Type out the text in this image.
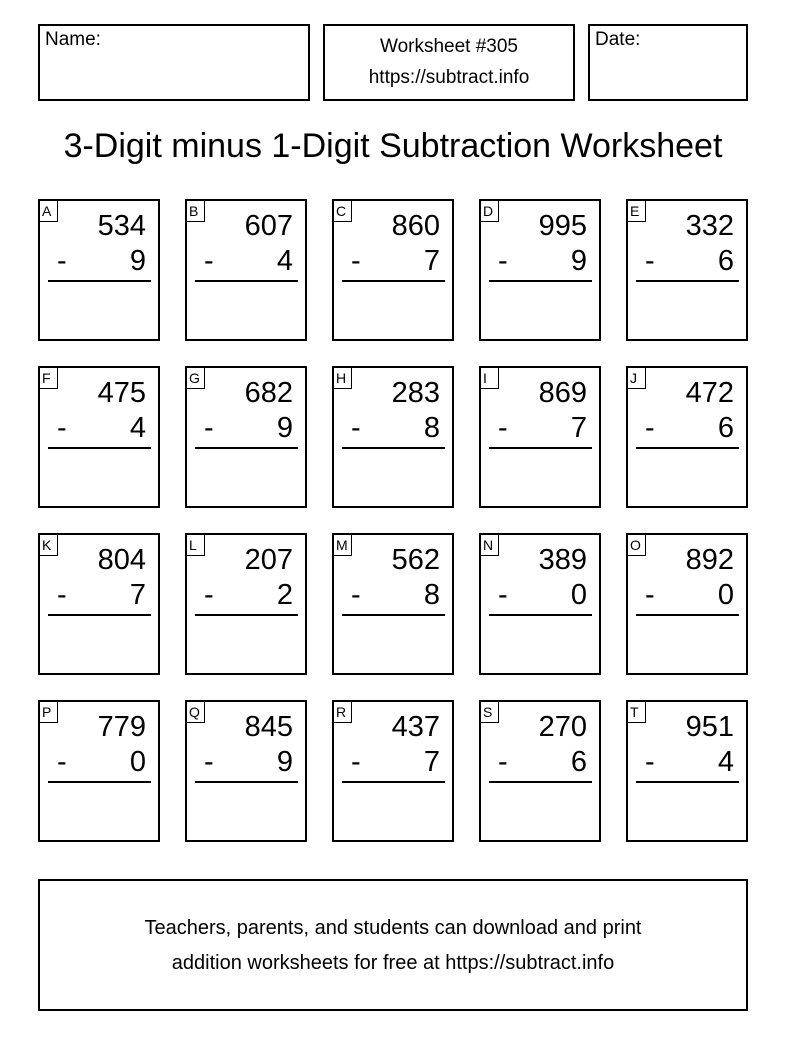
Name:	Worksheet #305
https://subtract.info
Date:
3-Digit minus 1-Digit Subtraction Worksheet
A 534
- 9
B 607
- 4
C 860
- 7
D 995
- 9
E 332
- 6
F 475
- 4
G 682
- 9
H 283
- 8
I	869
- 7
J	472
- 6
K 804
- 7
L 207
- 2
M 562
- 8
N 389
- 0
O 892
- 0
P 779
- 0
Q 845
- 9
R 437
- 7
S 270
- 6
T 951
- 4
Teachers, parents, and students can download and print
addition worksheets for free at https://subtract.info
